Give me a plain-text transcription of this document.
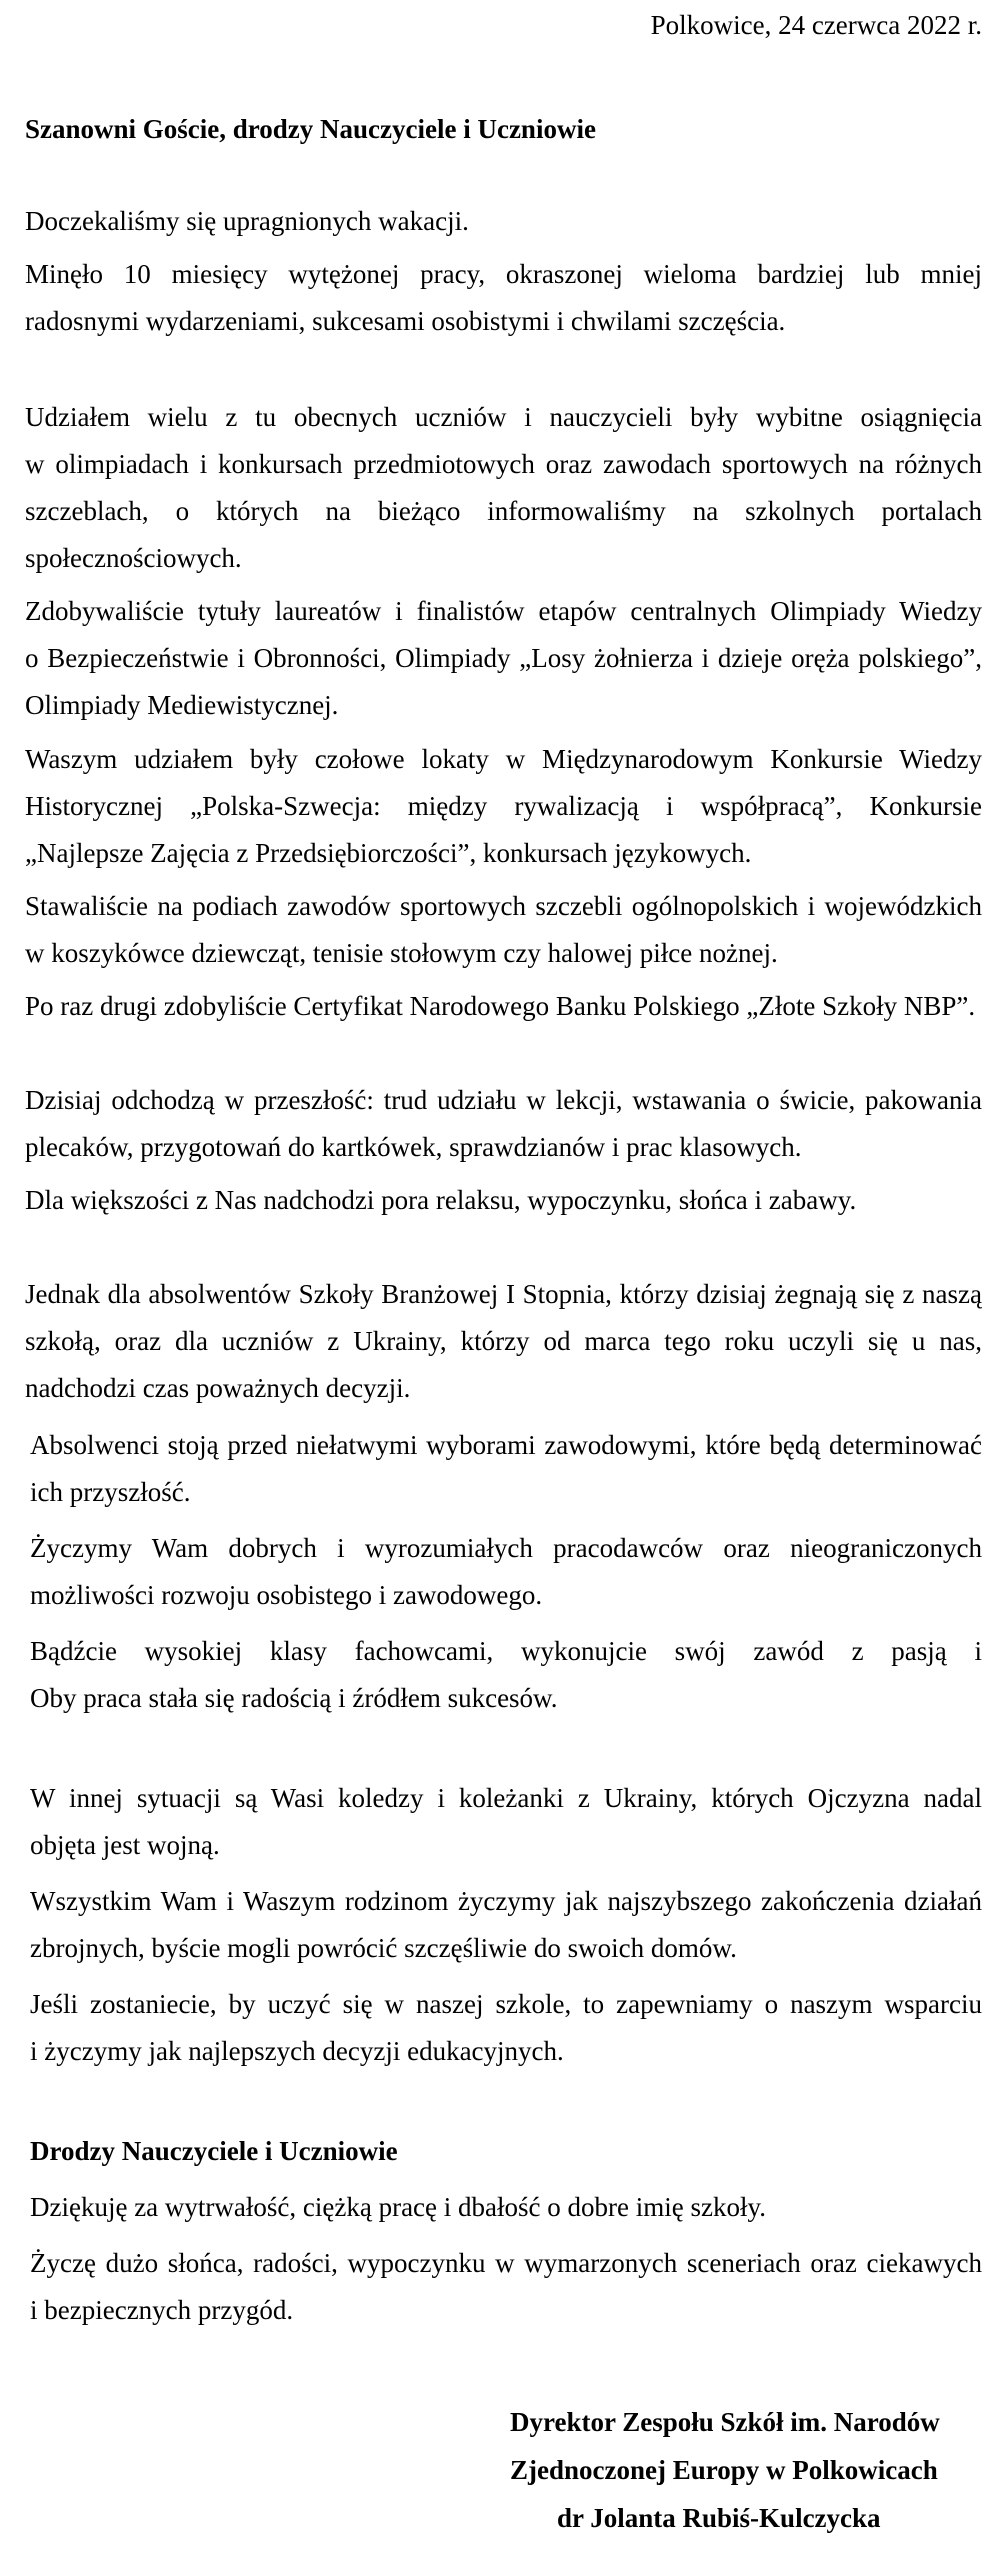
Polkowice, 24 czerwca 2022 r.
Szanowni Goście, drodzy Nauczyciele i Uczniowie
Doczekaliśmy się upragnionych wakacji.
Minęło 10 miesięcy wytężonej pracy, okraszonej wieloma bardziej lub mniej
radosnymi wydarzeniami, sukcesami osobistymi i chwilami szczęścia.
Udziałem wielu z tu obecnych uczniów i nauczycieli były wybitne osiągnięcia
w olimpiadach i konkursach przedmiotowych oraz zawodach sportowych na różnych
szczeblach, o których na bieżąco informowaliśmy na szkolnych portalach
społecznościowych.
Zdobywaliście tytuły laureatów i finalistów etapów centralnych Olimpiady Wiedzy
o Bezpieczeństwie i Obronności, Olimpiady „Losy żołnierza i dzieje oręża polskiego”,
Olimpiady Mediewistycznej.
Waszym udziałem były czołowe lokaty w Międzynarodowym Konkursie Wiedzy
Historycznej „Polska-Szwecja: między rywalizacją i współpracą”, Konkursie
„Najlepsze Zajęcia z Przedsiębiorczości”, konkursach językowych.
Stawaliście na podiach zawodów sportowych szczebli ogólnopolskich i wojewódzkich
w koszykówce dziewcząt, tenisie stołowym czy halowej piłce nożnej.
Po raz drugi zdobyliście Certyfikat Narodowego Banku Polskiego „Złote Szkoły NBP”.
Dzisiaj odchodzą w przeszłość: trud udziału w lekcji, wstawania o świcie, pakowania
plecaków, przygotowań do kartkówek, sprawdzianów i prac klasowych.
Dla większości z Nas nadchodzi pora relaksu, wypoczynku, słońca i zabawy.
Jednak dla absolwentów Szkoły Branżowej I Stopnia, którzy dzisiaj żegnają się z naszą
szkołą, oraz dla uczniów z Ukrainy, którzy od marca tego roku uczyli się u nas,
nadchodzi czas poważnych decyzji.
Absolwenci stoją przed niełatwymi wyborami zawodowymi, które będą determinować
ich przyszłość.
Życzymy Wam dobrych i wyrozumiałych pracodawców oraz nieograniczonych
możliwości rozwoju osobistego i zawodowego.
Bądźcie wysokiej klasy fachowcami, wykonujcie swój zawód z pasją i
Oby praca stała się radością i źródłem sukcesów.
W innej sytuacji są Wasi koledzy i koleżanki z Ukrainy, których Ojczyzna nadal
objęta jest wojną.
Wszystkim Wam i Waszym rodzinom życzymy jak najszybszego zakończenia działań
zbrojnych, byście mogli powrócić szczęśliwie do swoich domów.
Jeśli zostaniecie, by uczyć się w naszej szkole, to zapewniamy o naszym wsparciu
i życzymy jak najlepszych decyzji edukacyjnych.
Drodzy Nauczyciele i Uczniowie
Dziękuję za wytrwałość, ciężką pracę i dbałość o dobre imię szkoły.
Życzę dużo słońca, radości, wypoczynku w wymarzonych sceneriach oraz ciekawych
i bezpiecznych przygód.
Dyrektor Zespołu Szkół im. Narodów
Zjednoczonej Europy w Polkowicach
dr Jolanta Rubiś-Kulczycka
